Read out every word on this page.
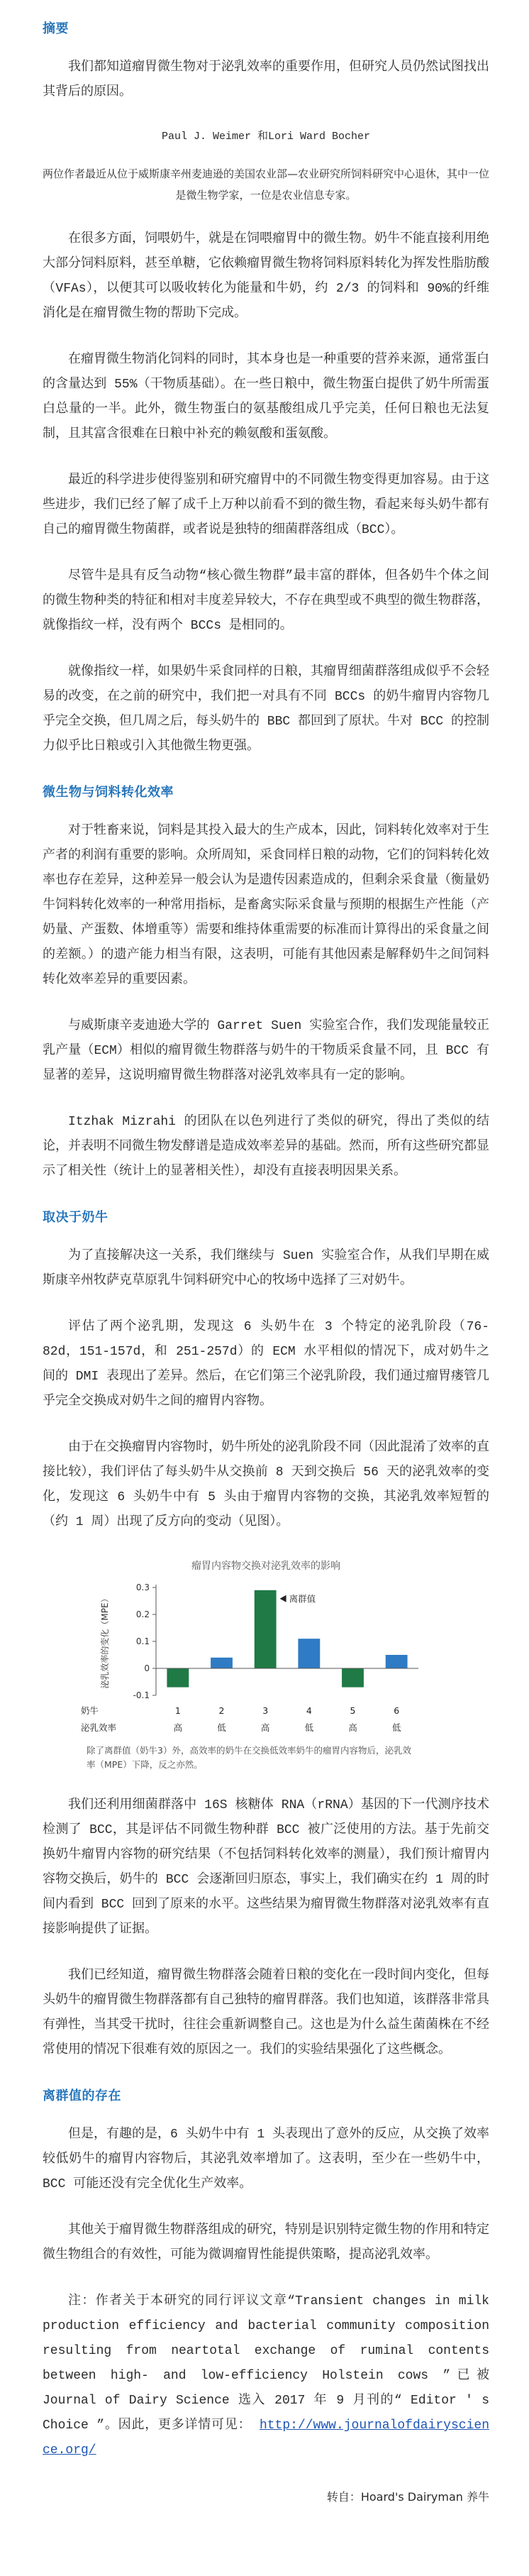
摘要

我们都知道瘤胃微生物对于泌乳效率的重要作用，但研究人员仍然试图找出其背后的原因。

Paul J. Weimer 和Lori Ward Bocher

两位作者最近从位于威斯康辛州麦迪逊的美国农业部—农业研究所饲料研究中心退休，其中一位是微生物学家，一位是农业信息专家。

在很多方面，饲喂奶牛，就是在饲喂瘤胃中的微生物。奶牛不能直接利用绝大部分饲料原料，甚至单糖，它依赖瘤胃微生物将饲料原料转化为挥发性脂肪酸（VFAs），以便其可以吸收转化为能量和牛奶，约 2/3 的饲料和 90%的纤维消化是在瘤胃微生物的帮助下完成。

在瘤胃微生物消化饲料的同时，其本身也是一种重要的营养来源，通常蛋白的含量达到 55%（干物质基础）。在一些日粮中，微生物蛋白提供了奶牛所需蛋白总量的一半。此外，微生物蛋白的氨基酸组成几乎完美，任何日粮也无法复制，且其富含很难在日粮中补充的赖氨酸和蛋氨酸。

最近的科学进步使得鉴别和研究瘤胃中的不同微生物变得更加容易。由于这些进步，我们已经了解了成千上万种以前看不到的微生物，看起来每头奶牛都有自己的瘤胃微生物菌群，或者说是独特的细菌群落组成（BCC）。

尽管牛是具有反刍动物“核心微生物群”最丰富的群体，但各奶牛个体之间的微生物种类的特征和相对丰度差异较大，不存在典型或不典型的微生物群落，就像指纹一样，没有两个 BCCs 是相同的。

就像指纹一样，如果奶牛采食同样的日粮，其瘤胃细菌群落组成似乎不会轻易的改变，在之前的研究中，我们把一对具有不同 BCCs 的奶牛瘤胃内容物几乎完全交换，但几周之后，每头奶牛的 BBC 都回到了原状。牛对 BCC 的控制力似乎比日粮或引入其他微生物更强。

微生物与饲料转化效率

对于牲畜来说，饲料是其投入最大的生产成本，因此，饲料转化效率对于生产者的利润有重要的影响。众所周知，采食同样日粮的动物，它们的饲料转化效率也存在差异，这种差异一般会认为是遗传因素造成的，但剩余采食量（衡量奶牛饲料转化效率的一种常用指标，是畜禽实际采食量与预期的根据生产性能（产奶量、产蛋数、体增重等）需要和维持体重需要的标准而计算得出的采食量之间的差额。）的遗产能力相当有限，这表明，可能有其他因素是解释奶牛之间饲料转化效率差异的重要因素。

与威斯康辛麦迪逊大学的 Garret Suen 实验室合作，我们发现能量较正乳产量（ECM）相似的瘤胃微生物群落与奶牛的干物质采食量不同，且 BCC 有显著的差异，这说明瘤胃微生物群落对泌乳效率具有一定的影响。

Itzhak Mizrahi 的团队在以色列进行了类似的研究，得出了类似的结论，并表明不同微生物发酵谱是造成效率差异的基础。然而，所有这些研究都显示了相关性（统计上的显著相关性），却没有直接表明因果关系。

取决于奶牛

为了直接解决这一关系，我们继续与 Suen 实验室合作，从我们早期在威斯康辛州牧萨克草原乳牛饲料研究中心的牧场中选择了三对奶牛。

评估了两个泌乳期，发现这 6 头奶牛在 3 个特定的泌乳阶段（76-82d，151-157d，和 251-257d）的 ECM 水平相似的情况下，成对奶牛之间的 DMI 表现出了差异。然后，在它们第三个泌乳阶段，我们通过瘤胃瘘管几乎完全交换成对奶牛之间的瘤胃内容物。

由于在交换瘤胃内容物时，奶牛所处的泌乳阶段不同（因此混淆了效率的直接比较），我们评估了每头奶牛从交换前 8 天到交换后 56 天的泌乳效率的变化，发现这 6 头奶牛中有 5 头由于瘤胃内容物的交换，其泌乳效率短暂的（约 1 周）出现了反方向的变动（见图）。

瘤胃内容物交换对泌乳效率的影响
泌乳效率的变化（MPE）
0.3
0.2
0.1
0
-0.1
奶牛
泌乳效率
1
高
2
低
3
高
4
低
5
高
6
低
离群值
除了离群值（奶牛3）外，高效率的奶牛在交换低效率奶牛的瘤胃内容物后，泌乳效率（MPE）下降，反之亦然。

我们还利用细菌群落中 16S 核糖体 RNA（rRNA）基因的下一代测序技术检测了 BCC，其是评估不同微生物种群 BCC 被广泛使用的方法。基于先前交换奶牛瘤胃内容物的研究结果（不包括饲料转化效率的测量），我们预计瘤胃内容物交换后，奶牛的 BCC 会逐渐回归原态，事实上，我们确实在约 1 周的时间内看到 BCC 回到了原来的水平。这些结果为瘤胃微生物群落对泌乳效率有直接影响提供了证据。

我们已经知道，瘤胃微生物群落会随着日粮的变化在一段时间内变化，但每头奶牛的瘤胃微生物群落都有自己独特的瘤胃群落。我们也知道，该群落非常具有弹性，当其受干扰时，往往会重新调整自己。这也是为什么益生菌菌株在不经常使用的情况下很难有效的原因之一。我们的实验结果强化了这些概念。

离群值的存在

但是，有趣的是，6 头奶牛中有 1 头表现出了意外的反应，从交换了效率较低奶牛的瘤胃内容物后，其泌乳效率增加了。这表明，至少在一些奶牛中，BCC 可能还没有完全优化生产效率。

其他关于瘤胃微生物群落组成的研究，特别是识别特定微生物的作用和特定微生物组合的有效性，可能为微调瘤胃性能提供策略，提高泌乳效率。

注：作者关于本研究的同行评议文章“Transient changes in milk production efficiency and bacterial community composition resulting from neartotal exchange of ruminal contents between high- and low-efficiency Holstein cows ”已被 Journal of Dairy Science 选入 2017 年 9 月刊的“ Editor ' s Choice ”。因此，更多详情可见： http://www.journalofdairyscience.org/

转自：Hoard's Dairyman 养牛
